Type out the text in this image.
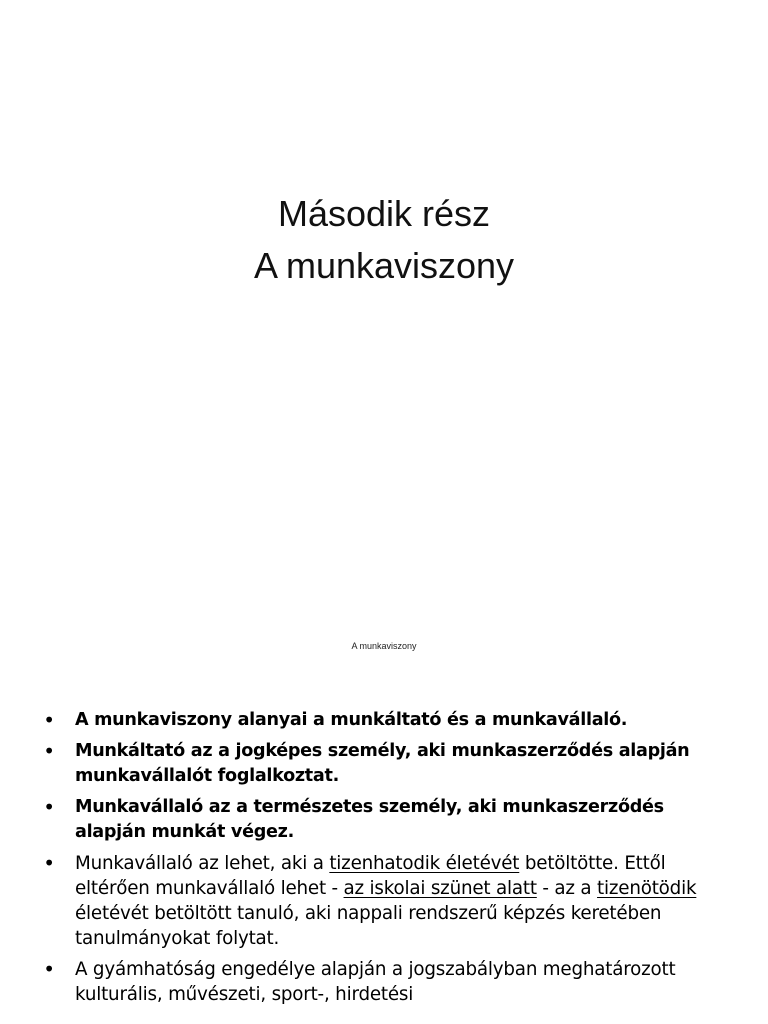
Második rész
A munkaviszony
A munkaviszony
• A munkaviszony alanyai a munkáltató és a munkavállaló.
• Munkáltató az a jogképes személy, aki munkaszerződés alapján munkavállalót foglalkoztat.
• Munkavállaló az a természetes személy, aki munkaszerződés alapján munkát végez.
• Munkavállaló az lehet, aki a tizenhatodik életévét betöltötte. Ettől eltérően munkavállaló lehet - az iskolai szünet alatt - az a tizenötödik életévét betöltött tanuló, aki nappali rendszerű képzés keretében tanulmányokat folytat.
• A gyámhatóság engedélye alapján a jogszabályban meghatározott kulturális, művészeti, sport-, hirdetési
